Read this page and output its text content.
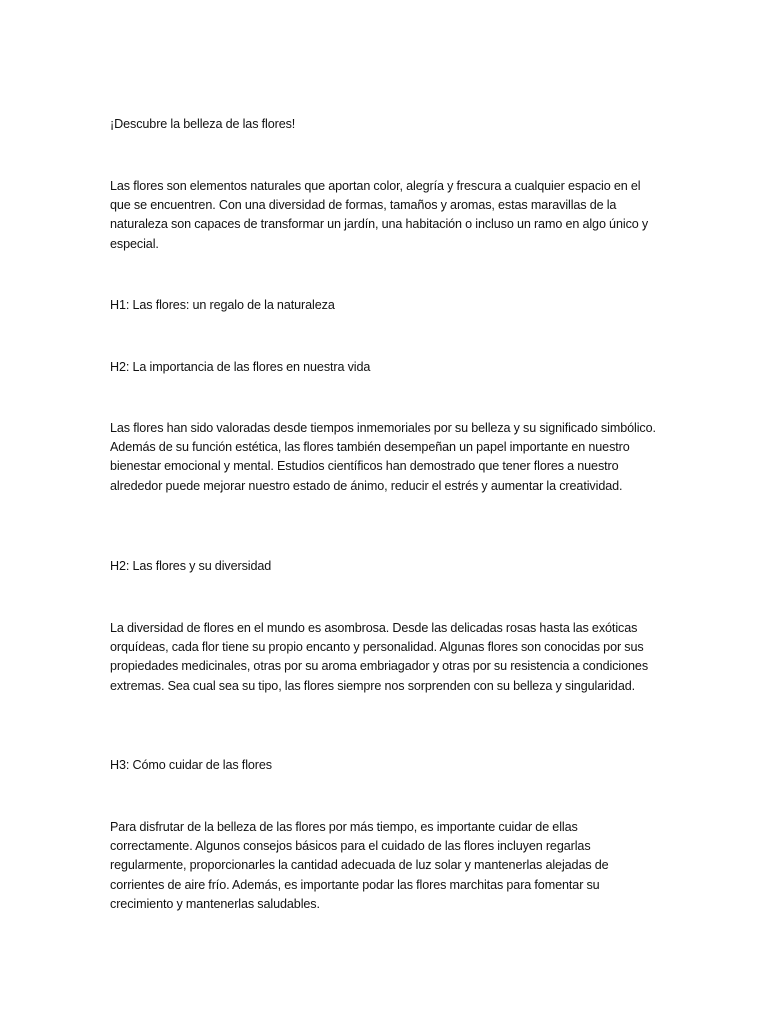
¡Descubre la belleza de las flores!

Las flores son elementos naturales que aportan color, alegría y frescura a cualquier espacio en el que se encuentren. Con una diversidad de formas, tamaños y aromas, estas maravillas de la naturaleza son capaces de transformar un jardín, una habitación o incluso un ramo en algo único y especial.

H1: Las flores: un regalo de la naturaleza

H2: La importancia de las flores en nuestra vida

Las flores han sido valoradas desde tiempos inmemoriales por su belleza y su significado simbólico. Además de su función estética, las flores también desempeñan un papel importante en nuestro bienestar emocional y mental. Estudios científicos han demostrado que tener flores a nuestro alrededor puede mejorar nuestro estado de ánimo, reducir el estrés y aumentar la creatividad.

H2: Las flores y su diversidad

La diversidad de flores en el mundo es asombrosa. Desde las delicadas rosas hasta las exóticas orquídeas, cada flor tiene su propio encanto y personalidad. Algunas flores son conocidas por sus propiedades medicinales, otras por su aroma embriagador y otras por su resistencia a condiciones extremas. Sea cual sea su tipo, las flores siempre nos sorprenden con su belleza y singularidad.

H3: Cómo cuidar de las flores

Para disfrutar de la belleza de las flores por más tiempo, es importante cuidar de ellas correctamente. Algunos consejos básicos para el cuidado de las flores incluyen regarlas regularmente, proporcionarles la cantidad adecuada de luz solar y mantenerlas alejadas de corrientes de aire frío. Además, es importante podar las flores marchitas para fomentar su crecimiento y mantenerlas saludables.
